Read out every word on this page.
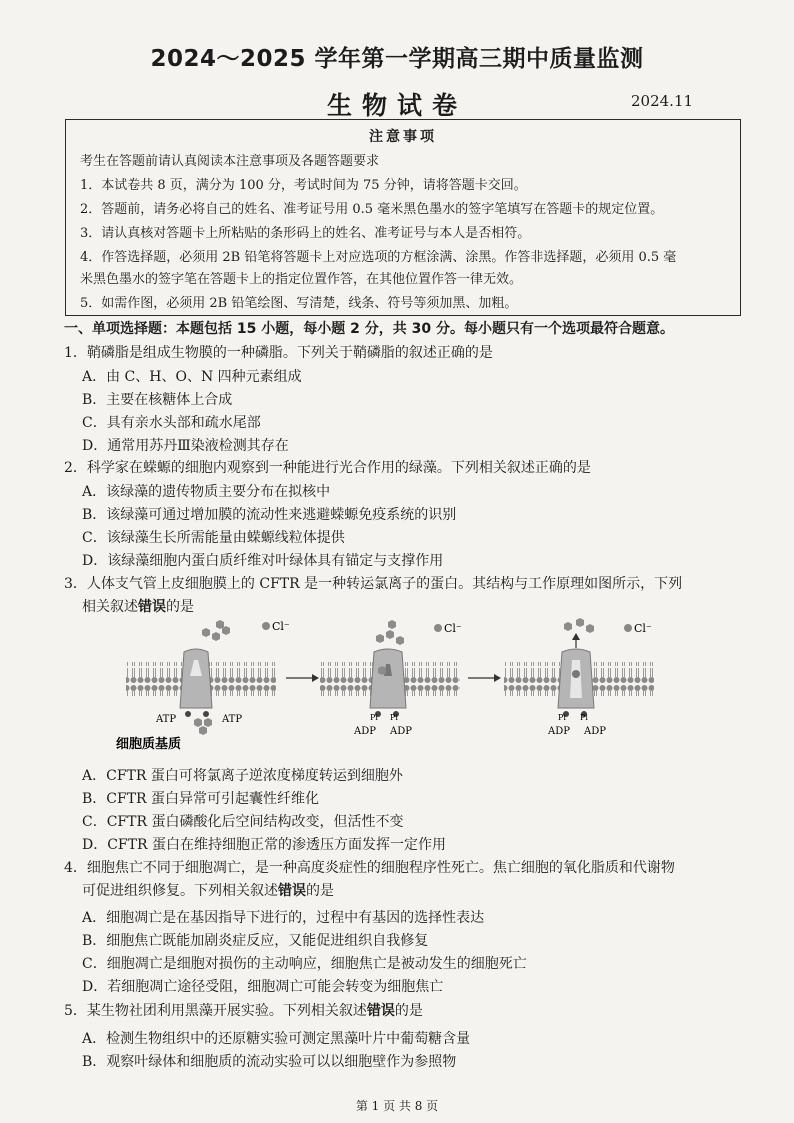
2024～2025 学年第一学期高三期中质量监测
生物试卷	2024.11
注意事项
考生在答题前请认真阅读本注意事项及各题答题要求
1．本试卷共 8 页，满分为 100 分，考试时间为 75 分钟，请将答题卡交回。
2．答题前，请务必将自己的姓名、准考证号用 0.5 毫米黑色墨水的签字笔填写在答题卡的规定位置。
3．请认真核对答题卡上所粘贴的条形码上的姓名、准考证号与本人是否相符。
4．作答选择题，必须用 2B 铅笔将答题卡上对应选项的方框涂满、涂黑。作答非选择题，必须用 0.5 毫
米黑色墨水的签字笔在答题卡上的指定位置作答，在其他位置作答一律无效。
5．如需作图，必须用 2B 铅笔绘图、写清楚，线条、符号等须加黑、加粗。
一、单项选择题：本题包括 15 小题，每小题 2 分，共 30 分。每小题只有一个选项最符合题意。
1．鞘磷脂是组成生物膜的一种磷脂。下列关于鞘磷脂的叙述正确的是
A．由 C、H、O、N 四种元素组成
B．主要在核糖体上合成
C．具有亲水头部和疏水尾部
D．通常用苏丹Ⅲ染液检测其存在
2．科学家在蝾螈的细胞内观察到一种能进行光合作用的绿藻。下列相关叙述正确的是
A．该绿藻的遗传物质主要分布在拟核中
B．该绿藻可通过增加膜的流动性来逃避蝾螈免疫系统的识别
C．该绿藻生长所需能量由蝾螈线粒体提供
D．该绿藻细胞内蛋白质纤维对叶绿体具有锚定与支撑作用
3．人体支气管上皮细胞膜上的 CFTR 是一种转运氯离子的蛋白。其结构与工作原理如图所示，下列
相关叙述错误的是
Cl⁻
ATP	ATP
细胞质基质
Cl⁻
Pi Pi
ADP ADP
Cl⁻
Pi Pi
ADP ADP
A．CFTR 蛋白可将氯离子逆浓度梯度转运到细胞外
B．CFTR 蛋白异常可引起囊性纤维化
C．CFTR 蛋白磷酸化后空间结构改变，但活性不变
D．CFTR 蛋白在维持细胞正常的渗透压方面发挥一定作用
4．细胞焦亡不同于细胞凋亡，是一种高度炎症性的细胞程序性死亡。焦亡细胞的氧化脂质和代谢物
可促进组织修复。下列相关叙述错误的是
A．细胞凋亡是在基因指导下进行的，过程中有基因的选择性表达
B．细胞焦亡既能加剧炎症反应，又能促进组织自我修复
C．细胞凋亡是细胞对损伤的主动响应，细胞焦亡是被动发生的细胞死亡
D．若细胞凋亡途径受阻，细胞凋亡可能会转变为细胞焦亡
5．某生物社团利用黑藻开展实验。下列相关叙述错误的是
A．检测生物组织中的还原糖实验可测定黑藻叶片中葡萄糖含量
B．观察叶绿体和细胞质的流动实验可以以细胞壁作为参照物
第 1 页 共 8 页
